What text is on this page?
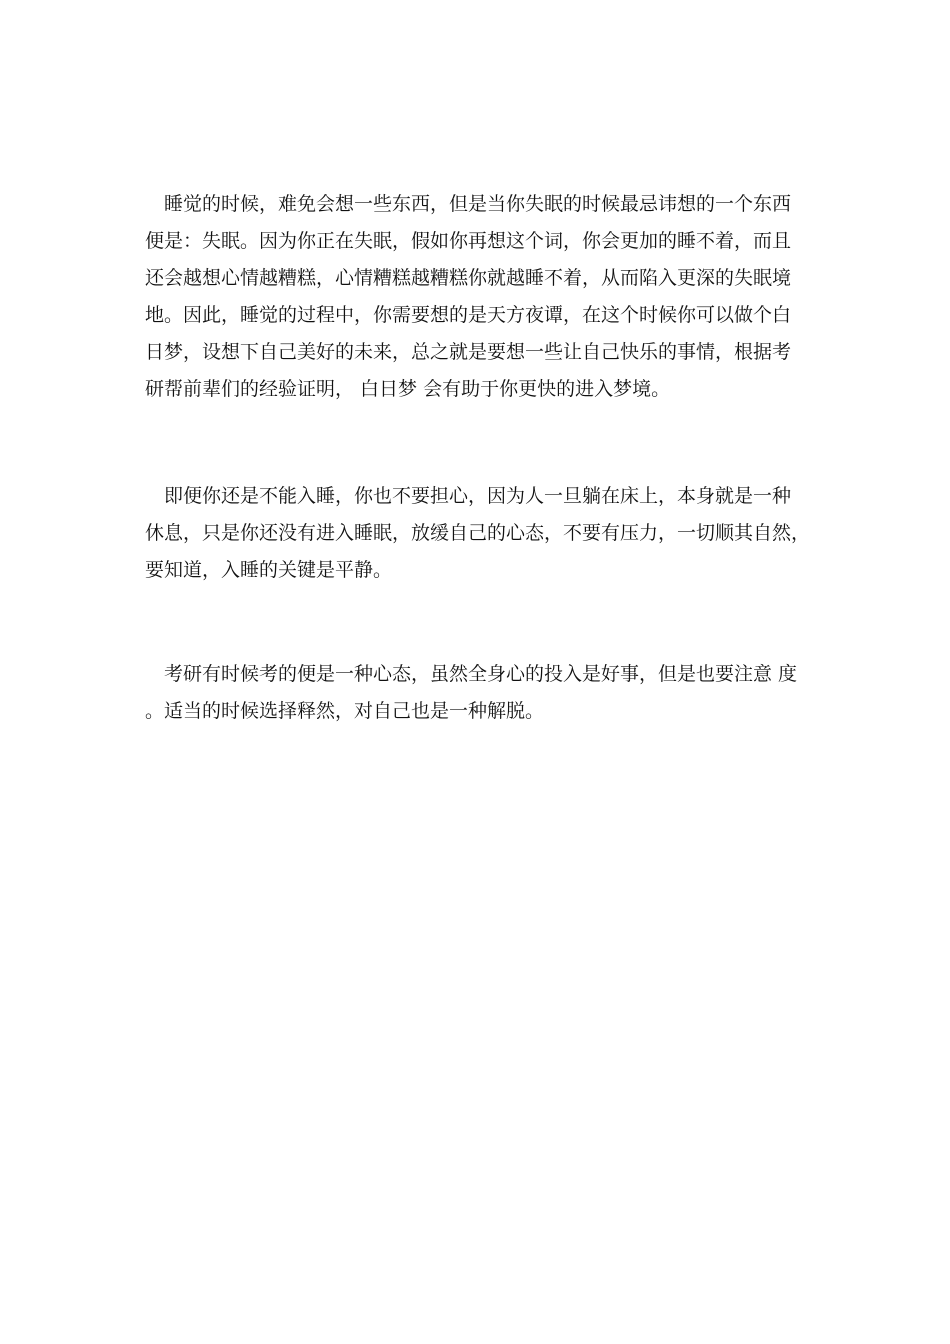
　睡觉的时候，难免会想一些东西，但是当你失眠的时候最忌讳想的一个东西
便是：失眠。因为你正在失眠，假如你再想这个词，你会更加的睡不着，而且
还会越想心情越糟糕，心情糟糕越糟糕你就越睡不着，从而陷入更深的失眠境
地。因此，睡觉的过程中，你需要想的是天方夜谭，在这个时候你可以做个白
日梦，设想下自己美好的未来，总之就是要想一些让自己快乐的事情，根据考
研帮前辈们的经验证明， 白日梦 会有助于你更快的进入梦境。
　即便你还是不能入睡，你也不要担心，因为人一旦躺在床上，本身就是一种
休息，只是你还没有进入睡眠，放缓自己的心态，不要有压力，一切顺其自然，
要知道，入睡的关键是平静。
　考研有时候考的便是一种心态，虽然全身心的投入是好事，但是也要注意 度
。适当的时候选择释然，对自己也是一种解脱。
